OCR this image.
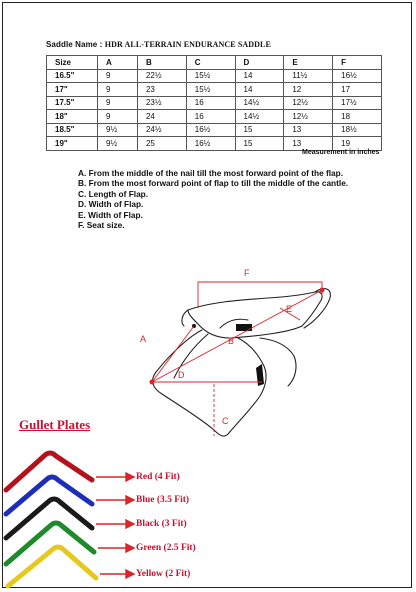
Saddle Name : HDR ALL-TERRAIN ENDURANCE SADDLE
Size	A	B	C	D	E	F
16.5"	9	22½	15½	14	11½	16½
17"	9	23	15½	14	12	17
17.5"	9	23½	16	14½	12½	17½
18"	9	24	16	14½	12½	18
18.5"	9½	24½	16½	15	13	18½
19"	9½	25	16½	15	13	19
Measurement in inches
A. From the middle of the nail till the most forward point of the flap.
B. From the most forward point of flap to till the middle of the cantle.
C. Length of Flap.
D. Width of Flap.
E. Width of Flap.
F. Seat size.
A	B
C
D
E
F
Gullet Plates
Red (4 Fit)
Blue (3.5 Fit)
Black (3 Fit)
Green (2.5 Fit)
Yellow (2 Fit)
